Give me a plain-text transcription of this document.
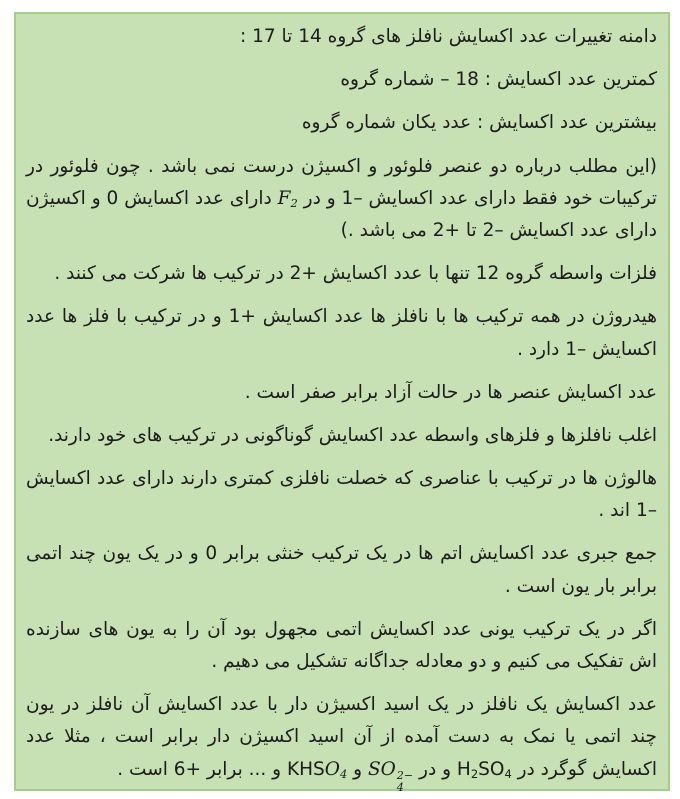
دامنه تغییرات عدد اکسایش نافلز های گروه 14 تا 17 :

کمترین عدد اکسایش : 18 – شماره گروه

بیشترین عدد اکسایش : عدد یکان شماره گروه

(این مطلب درباره دو عنصر فلوئور و اکسیژن درست نمی باشد . چون فلوئور در ترکیبات خود فقط دارای عدد اکسایش –1 و در $F_2$ دارای عدد اکسایش 0 و اکسیژن دارای عدد اکسایش –2 تا +2 می باشد .)

فلزات واسطه گروه 12 تنها با عدد اکسایش +2 در ترکیب ها شرکت می کنند .

هیدروژن در همه ترکیب ها با نافلز ها عدد اکسایش +1 و در ترکیب با فلز ها عدد اکسایش –1 دارد .

عدد اکسایش عنصر ها در حالت آزاد برابر صفر است .

اغلب نافلزها و فلزهای واسطه عدد اکسایش گوناگونی در ترکیب های خود دارند.

هالوژن ها در ترکیب با عناصری که خصلت نافلزی کمتری دارند دارای عدد اکسایش –1 اند .

جمع جبری عدد اکسایش اتم ها در یک ترکیب خنثی برابر 0 و در یک یون چند اتمی برابر بار یون است .

اگر در یک ترکیب یونی عدد اکسایش اتمی مجهول بود آن را به یون های سازنده اش تفکیک می کنیم و دو معادله جداگانه تشکیل می دهیم .

عدد اکسایش یک نافلز در یک اسید اکسیژن دار با عدد اکسایش آن نافلز در یون چند اتمی یا نمک به دست آمده از آن اسید اکسیژن دار برابر است ، مثلا عدد اکسایش گوگرد در $H_2SO_4$ و در SO 2−
4
و $KHSO_4$ و ... برابر +6 است .
